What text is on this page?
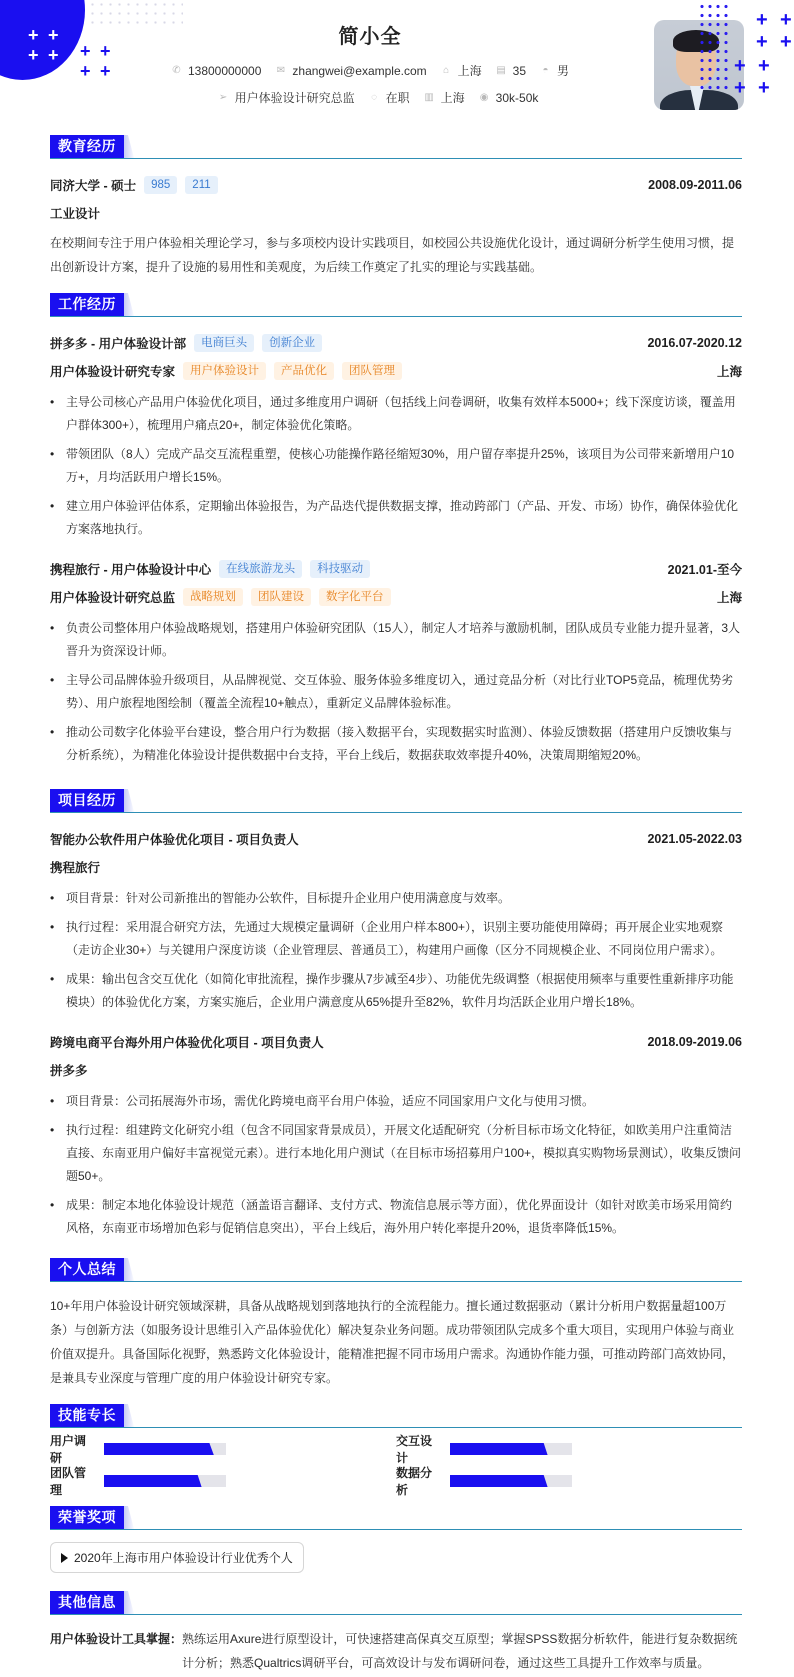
+ +
+ +	+ +
+ +
简小全
✆ 13800000000 ✉ zhangwei@example.com ⌂ 上海 ▤ 35 ◓ 男
➢ 用户体验设计研究总监 ◌ 在职 ▥ 上海 ◉ 30k-50k
+ +
+ +
+ +
+ +
教育经历
同济大学 - 硕士	985	211	2008.09-2011.06
工业设计

在校期间专注于用户体验相关理论学习，参与多项校内设计实践项目，如校园公共设施优化设计，通过调研分析学生使用习惯，提出创新设计方案，提升了设施的易用性和美观度，为后续工作奠定了扎实的理论与实践基础。

工作经历
拼多多 - 用户体验设计部	电商巨头	创新企业	2016.07-2020.12
用户体验设计研究专家	用户体验设计	产品优化	团队管理	上海
• 主导公司核心产品用户体验优化项目，通过多维度用户调研（包括线上问卷调研，收集有效样本5000+；线下深度访谈，覆盖用户群体300+），梳理用户痛点20+，制定体验优化策略。
• 带领团队（8人）完成产品交互流程重塑，使核心功能操作路径缩短30%，用户留存率提升25%，该项目为公司带来新增用户10万+，月均活跃用户增长15%。
• 建立用户体验评估体系，定期输出体验报告，为产品迭代提供数据支撑，推动跨部门（产品、开发、市场）协作，确保体验优化方案落地执行。
携程旅行 - 用户体验设计中心	在线旅游龙头	科技驱动	2021.01-至今
用户体验设计研究总监	战略规划	团队建设	数字化平台	上海
• 负责公司整体用户体验战略规划，搭建用户体验研究团队（15人），制定人才培养与激励机制，团队成员专业能力提升显著，3人晋升为资深设计师。
• 主导公司品牌体验升级项目，从品牌视觉、交互体验、服务体验多维度切入，通过竞品分析（对比行业TOP5竞品，梳理优势劣势）、用户旅程地图绘制（覆盖全流程10+触点），重新定义品牌体验标准。
• 推动公司数字化体验平台建设，整合用户行为数据（接入数据平台，实现数据实时监测）、体验反馈数据（搭建用户反馈收集与分析系统），为精准化体验设计提供数据中台支持，平台上线后，数据获取效率提升40%，决策周期缩短20%。
项目经历
智能办公软件用户体验优化项目 - 项目负责人	2021.05-2022.03
携程旅行
• 项目背景：针对公司新推出的智能办公软件，目标提升企业用户使用满意度与效率。
• 执行过程：采用混合研究方法，先通过大规模定量调研（企业用户样本800+），识别主要功能使用障碍；再开展企业实地观察（走访企业30+）与关键用户深度访谈（企业管理层、普通员工），构建用户画像（区分不同规模企业、不同岗位用户需求）。
• 成果：输出包含交互优化（如简化审批流程，操作步骤从7步减至4步）、功能优先级调整（根据使用频率与重要性重新排序功能模块）的体验优化方案，方案实施后，企业用户满意度从65%提升至82%，软件月均活跃企业用户增长18%。
跨境电商平台海外用户体验优化项目 - 项目负责人	2018.09-2019.06
拼多多
• 项目背景：公司拓展海外市场，需优化跨境电商平台用户体验，适应不同国家用户文化与使用习惯。
• 执行过程：组建跨文化研究小组（包含不同国家背景成员），开展文化适配研究（分析目标市场文化特征，如欧美用户注重简洁直接、东南亚用户偏好丰富视觉元素）。进行本地化用户测试（在目标市场招募用户100+，模拟真实购物场景测试），收集反馈问题50+。
• 成果：制定本地化体验设计规范（涵盖语言翻译、支付方式、物流信息展示等方面），优化界面设计（如针对欧美市场采用简约风格，东南亚市场增加色彩与促销信息突出），平台上线后，海外用户转化率提升20%，退货率降低15%。
个人总结

10+年用户体验设计研究领域深耕，具备从战略规划到落地执行的全流程能力。擅长通过数据驱动（累计分析用户数据量超100万条）与创新方法（如服务设计思维引入产品体验优化）解决复杂业务问题。成功带领团队完成多个重大项目，实现用户体验与商业价值双提升。具备国际化视野，熟悉跨文化体验设计，能精准把握不同市场用户需求。沟通协作能力强，可推动跨部门高效协同，是兼具专业深度与管理广度的用户体验设计研究专家。

技能专长
用户调研
交互设计
团队管理
数据分析
荣誉奖项
2020年上海市用户体验设计行业优秀个人
其他信息
用户体验设计工具掌握： 熟练运用Axure进行原型设计，可快速搭建高保真交互原型；掌握SPSS数据分析软件，能进行复杂数据统计分析；熟悉Qualtrics调研平台，可高效设计与发布调研问卷，通过这些工具提升工作效率与质量。
